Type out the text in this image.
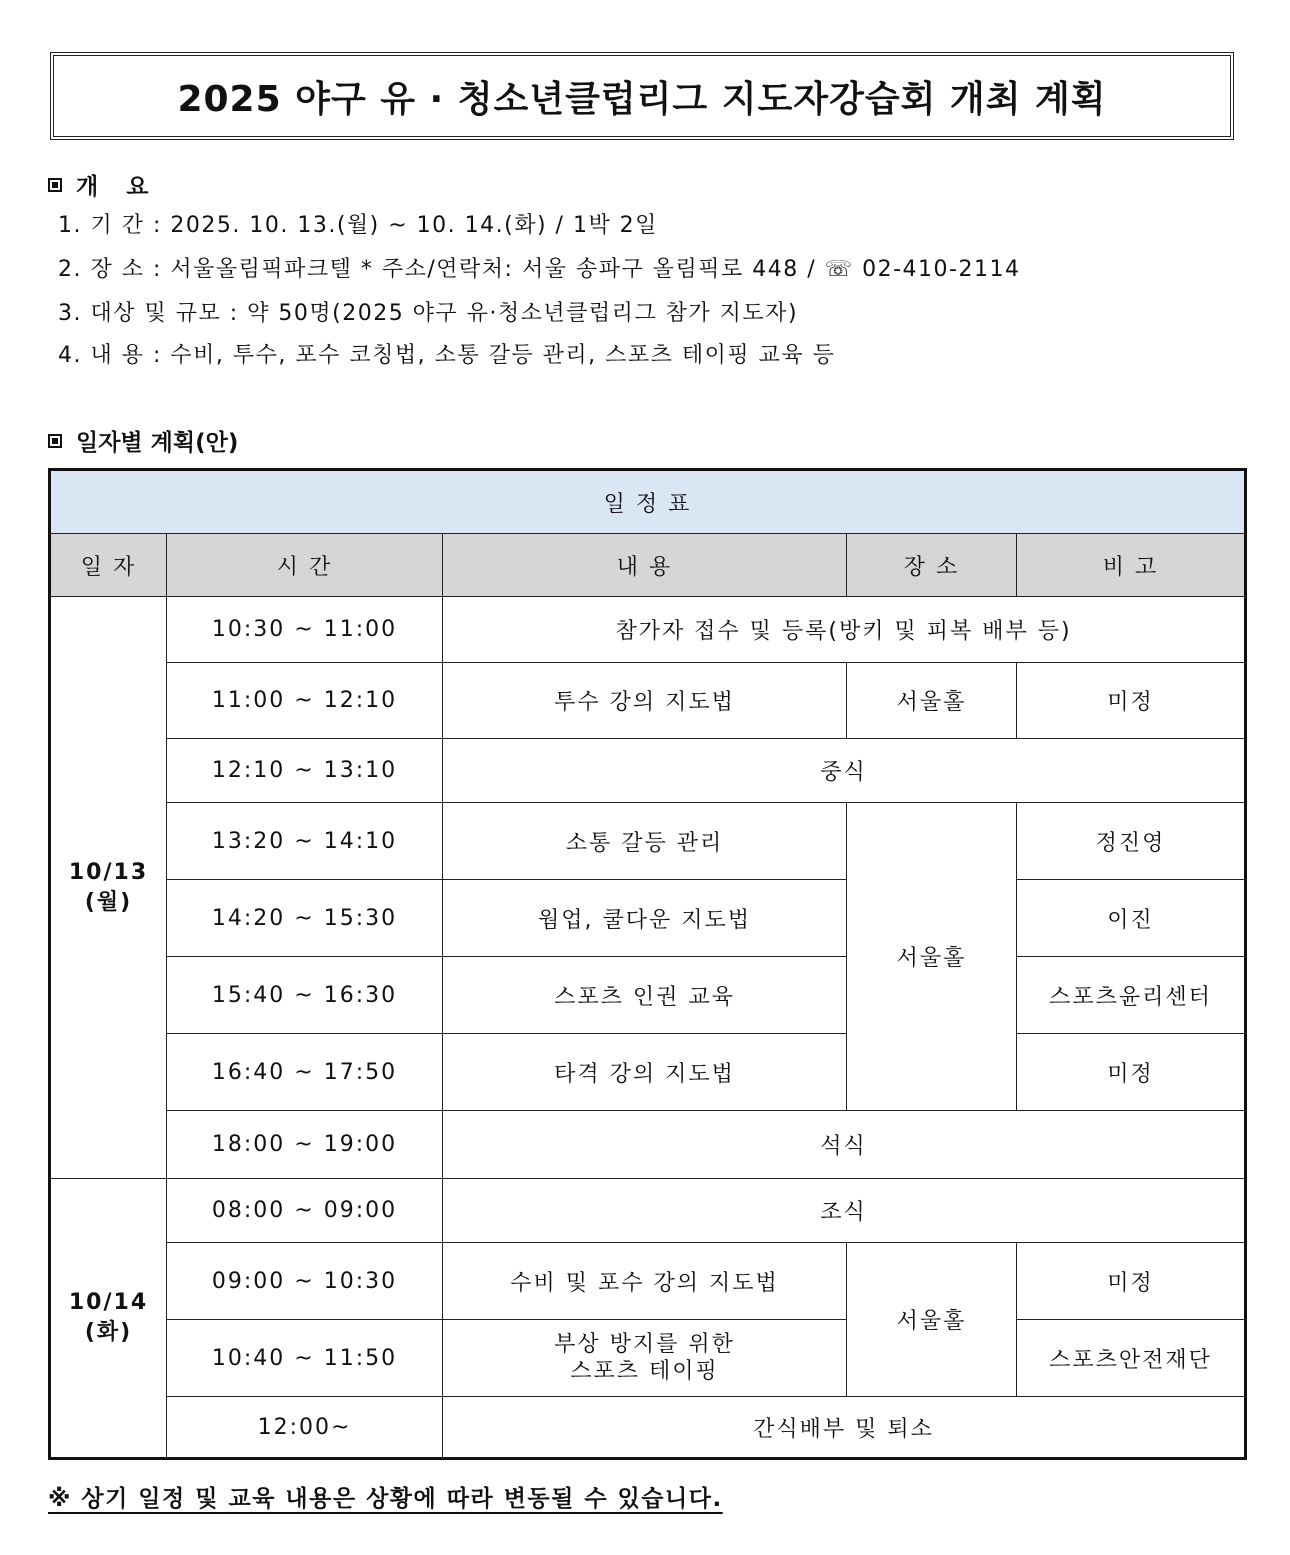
2025 야구 유 · 청소년클럽리그 지도자강습회 개최 계획
개  요
1. 기 간 : 2025. 10. 13.(월) ~ 10. 14.(화) / 1박 2일
2. 장 소 : 서울올림픽파크텔 * 주소/연락처: 서울 송파구 올림픽로 448 / ☏ 02-410-2114
3. 대상 및 규모 : 약 50명(2025 야구 유·청소년클럽리그 참가 지도자)
4. 내 용 : 수비, 투수, 포수 코칭법, 소통 갈등 관리, 스포츠 테이핑 교육 등
일자별 계획(안)
일 정 표				
일 자	시 간	내 용	장 소	비 고

10/13
(월)	10:30 ~ 11:00	참가자 접수 및 등록(방키 및 피복 배부 등)		
	11:00 ~ 12:10	투수 강의 지도법	서울홀	미정
	12:10 ~ 13:10	중식		
	13:20 ~ 14:10	소통 갈등 관리	서울홀	정진영
	14:20 ~ 15:30	웜업, 쿨다운 지도법		이진
	15:40 ~ 16:30	스포츠 인권 교육		스포츠윤리센터
	16:40 ~ 17:50	타격 강의 지도법		미정
	18:00 ~ 19:00	석식		

10/14
(화)	08:00 ~ 09:00	조식		
	09:00 ~ 10:30	수비 및 포수 강의 지도법	서울홀	미정
	10:40 ~ 11:50	부상 방지를 위한
스포츠 테이핑		스포츠안전재단
	12:00~	간식배부 및 퇴소		
※ 상기 일정 및 교육 내용은 상황에 따라 변동될 수 있습니다.
